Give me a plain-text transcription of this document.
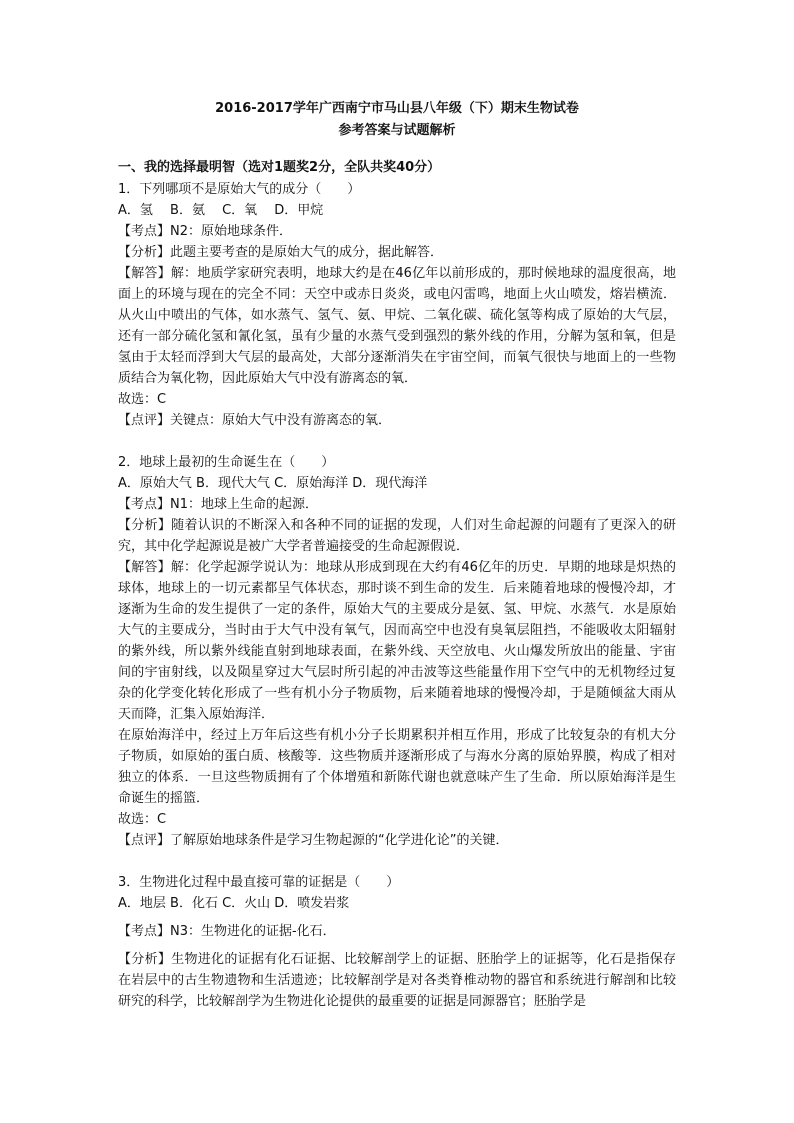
2016-2017学年广西南宁市马山县八年级（下）期末生物试卷
参考答案与试题解析
一、我的选择最明智（选对1题奖2分，全队共奖40分）

1．下列哪项不是原始大气的成分（　　）

A．氢　 B．氨　 C．氧　 D．甲烷

【考点】N2：原始地球条件．

【分析】此题主要考查的是原始大气的成分，据此解答．

【解答】解：地质学家研究表明，地球大约是在46亿年以前形成的，那时候地球的温度很高，地面上的环境与现在的完全不同：天空中或赤日炎炎，或电闪雷鸣，地面上火山喷发，熔岩横流．从火山中喷出的气体，如水蒸气、氢气、氨、甲烷、二氧化碳、硫化氢等构成了原始的大气层，还有一部分硫化氢和氰化氢，虽有少量的水蒸气受到强烈的紫外线的作用，分解为氢和氧，但是氢由于太轻而浮到大气层的最高处，大部分逐渐消失在宇宙空间，而氧气很快与地面上的一些物质结合为氧化物，因此原始大气中没有游离态的氧．

故选：C

【点评】关键点：原始大气中没有游离态的氧．

2．地球上最初的生命诞生在（　　）

A．原始大气 B．现代大气 C．原始海洋 D．现代海洋

【考点】N1：地球上生命的起源．

【分析】随着认识的不断深入和各种不同的证据的发现，人们对生命起源的问题有了更深入的研究，其中化学起源说是被广大学者普遍接受的生命起源假说．

【解答】解：化学起源学说认为：地球从形成到现在大约有46亿年的历史．早期的地球是炽热的球体，地球上的一切元素都呈气体状态，那时谈不到生命的发生．后来随着地球的慢慢冷却，才逐渐为生命的发生提供了一定的条件，原始大气的主要成分是氨、氢、甲烷、水蒸气．水是原始大气的主要成分，当时由于大气中没有氧气，因而高空中也没有臭氧层阻挡，不能吸收太阳辐射的紫外线，所以紫外线能直射到地球表面，在紫外线、天空放电、火山爆发所放出的能量、宇宙间的宇宙射线，以及陨星穿过大气层时所引起的冲击波等这些能量作用下空气中的无机物经过复杂的化学变化转化形成了一些有机小分子物质物，后来随着地球的慢慢冷却，于是随倾盆大雨从天而降，汇集入原始海洋．

在原始海洋中，经过上万年后这些有机小分子长期累积并相互作用，形成了比较复杂的有机大分子物质，如原始的蛋白质、核酸等．这些物质并逐渐形成了与海水分离的原始界膜，构成了相对独立的体系．一旦这些物质拥有了个体增殖和新陈代谢也就意味产生了生命．所以原始海洋是生命诞生的摇篮．

故选：C

【点评】了解原始地球条件是学习生物起源的“化学进化论”的关键．

3．生物进化过程中最直接可靠的证据是（　　）

A．地层 B．化石 C．火山 D．喷发岩浆

【考点】N3：生物进化的证据-化石．

【分析】生物进化的证据有化石证据、比较解剖学上的证据、胚胎学上的证据等，化石是指保存在岩层中的古生物遗物和生活遗迹；比较解剖学是对各类脊椎动物的器官和系统进行解剖和比较研究的科学，比较解剖学为生物进化论提供的最重要的证据是同源器官；胚胎学是
